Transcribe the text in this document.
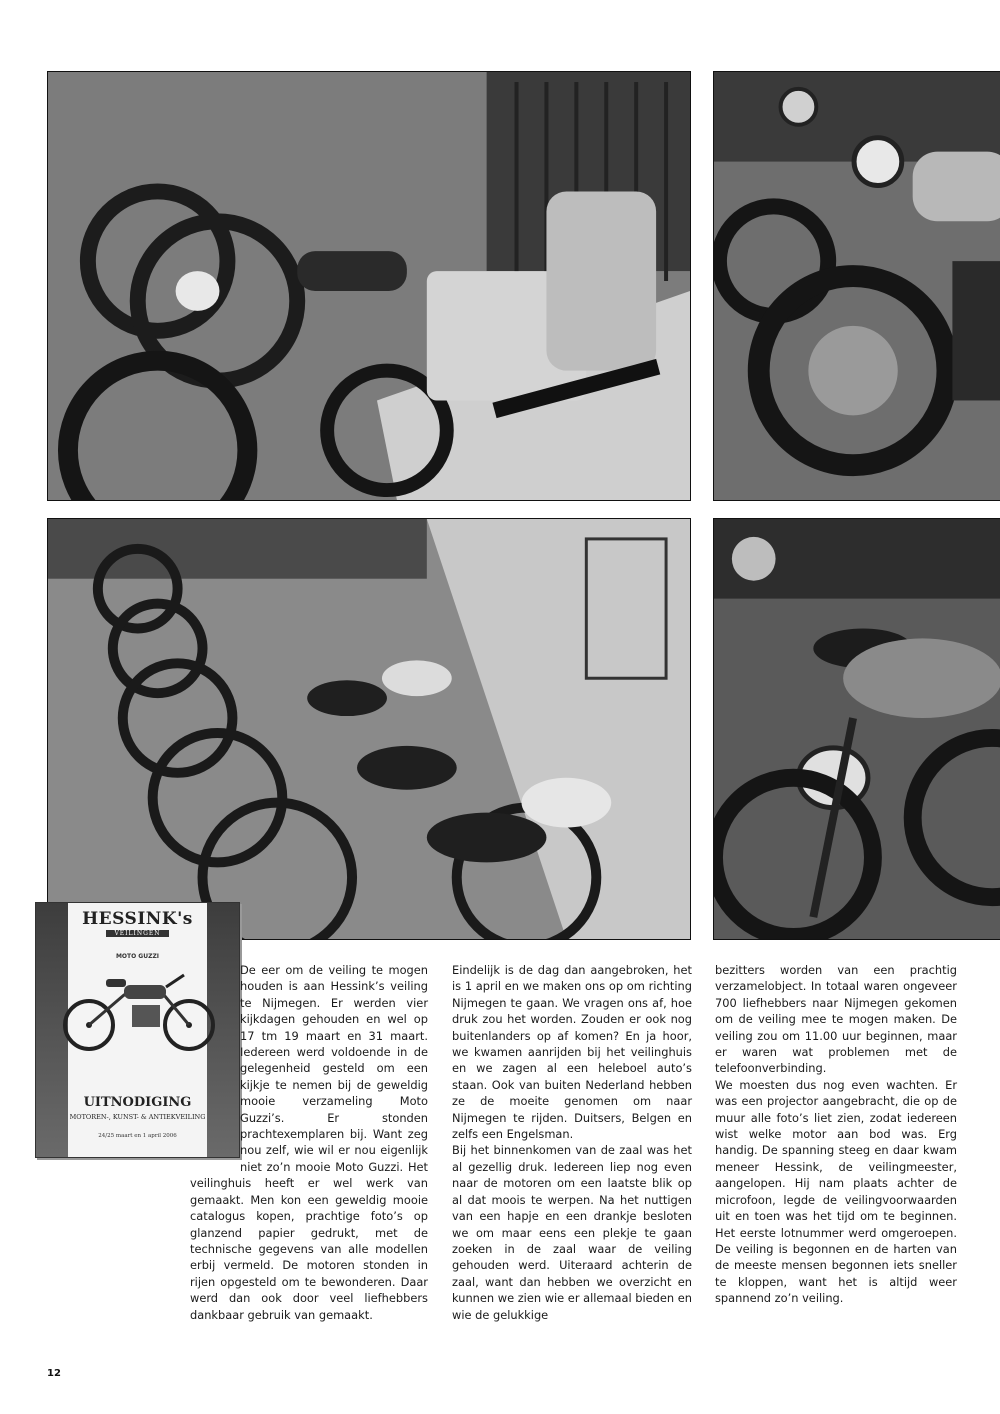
HESSINK's
VEILINGEN
MOTO GUZZI
UITNODIGING
MOTOREN-, KUNST- & ANTIEKVEILING
24/25 maart en 1 april 2006

De eer om de veiling te mogen houden is aan Hessink’s veiling te Nijmegen. Er werden vier kijkdagen gehouden en wel op 17 tm 19 maart en 31 maart. Iedereen werd voldoende in de gelegenheid gesteld om een kijkje te nemen bij de geweldig mooie verzameling Moto Guzzi’s. Er stonden prachtexemplaren bij. Want zeg nou zelf, wie wil er nou eigenlijk niet zo’n mooie Moto Guzzi. Het veilinghuis heeft er wel werk van gemaakt. Men kon een geweldig mooie catalogus kopen, prachtige foto’s op glanzend papier gedrukt, met de technische gegevens van alle modellen erbij vermeld. De motoren stonden in rijen opgesteld om te bewonderen. Daar werd dan ook door veel liefhebbers dankbaar gebruik van gemaakt.

Eindelijk is de dag dan aangebroken, het is 1 april en we maken ons op om richting Nijmegen te gaan. We vragen ons af, hoe druk zou het worden. Zouden er ook nog buitenlanders op af komen? En ja hoor, we kwamen aanrijden bij het veilinghuis en we zagen al een heleboel auto’s staan. Ook van buiten Nederland hebben ze de moeite genomen om naar Nijmegen te rijden. Duitsers, Belgen en zelfs een Engelsman.

Bij het binnenkomen van de zaal was het al gezellig druk. Iedereen liep nog even naar de motoren om een laatste blik op al dat moois te werpen. Na het nuttigen van een hapje en een drankje besloten we om maar eens een plekje te gaan zoeken in de zaal waar de veiling gehouden werd. Uiteraard achterin de zaal, want dan hebben we overzicht en kunnen we zien wie er allemaal bieden en wie de gelukkige

bezitters worden van een prachtig verzamelobject. In totaal waren ongeveer 700 liefhebbers naar Nijmegen gekomen om de veiling mee te mogen maken. De veiling zou om 11.00 uur beginnen, maar er waren wat problemen met de telefoonverbinding.

We moesten dus nog even wachten. Er was een projector aangebracht, die op de muur alle foto’s liet zien, zodat iedereen wist welke motor aan bod was. Erg handig. De spanning steeg en daar kwam meneer Hessink, de veilingmeester, aangelopen. Hij nam plaats achter de microfoon, legde de veilingvoorwaarden uit en toen was het tijd om te beginnen. Het eerste lotnummer werd omgeroepen. De veiling is begonnen en de harten van de meeste mensen begonnen iets sneller te kloppen, want het is altijd weer spannend zo’n veiling.

12
